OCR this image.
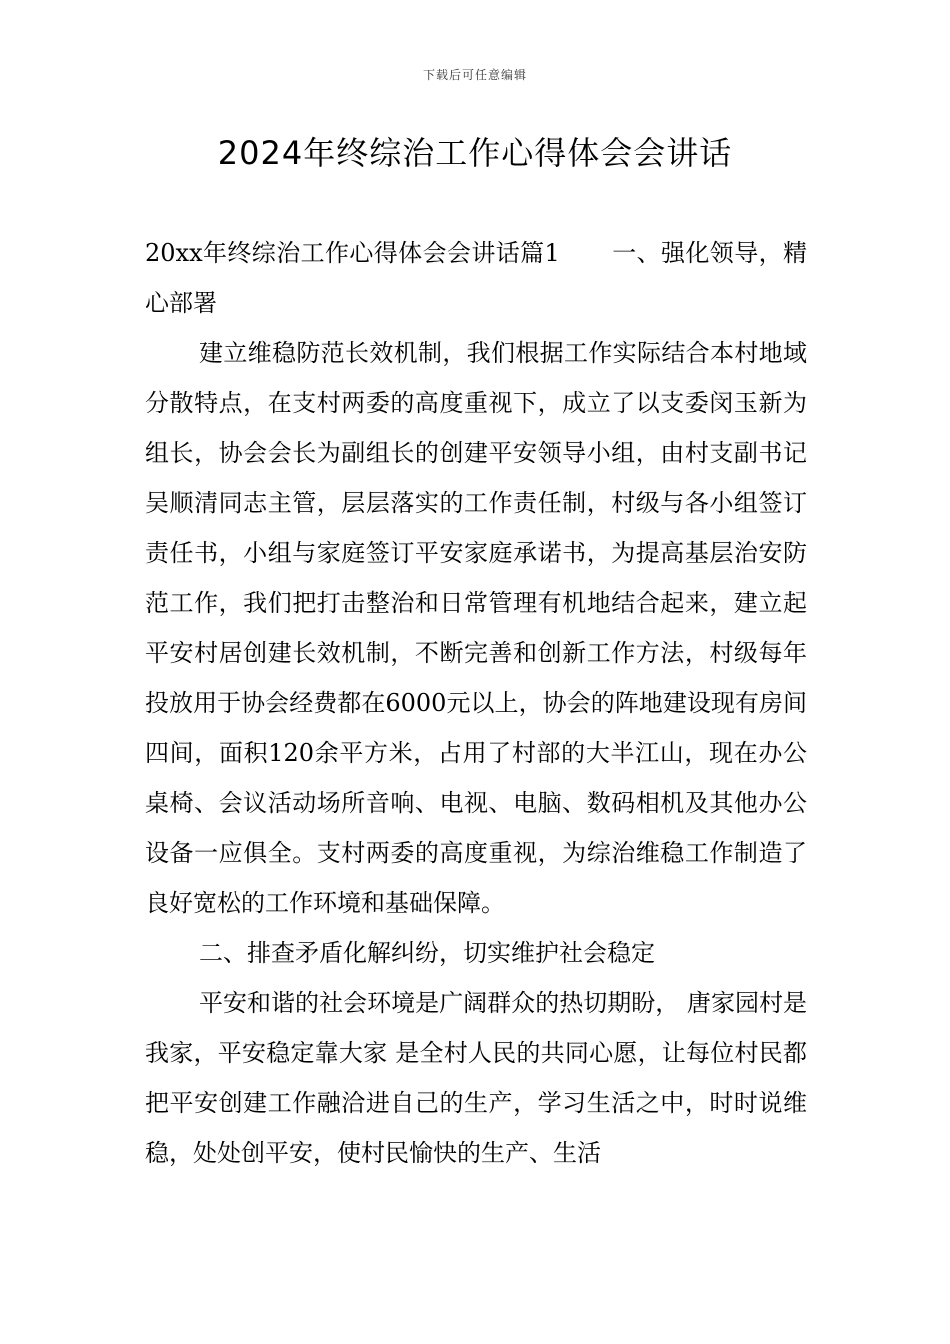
下载后可任意编辑
2024年终综治工作心得体会会讲话

20xx年终综治工作心得体会会讲话篇1 一、强化领导，精心部署

建立维稳防范长效机制，我们根据工作实际结合本村地域分散特点，在支村两委的高度重视下，成立了以支委闵玉新为组长，协会会长为副组长的创建平安领导小组，由村支副书记吴顺清同志主管，层层落实的工作责任制，村级与各小组签订责任书，小组与家庭签订平安家庭承诺书，为提高基层治安防范工作，我们把打击整治和日常管理有机地结合起来，建立起平安村居创建长效机制，不断完善和创新工作方法，村级每年投放用于协会经费都在6000元以上，协会的阵地建设现有房间四间，面积120余平方米，占用了村部的大半江山，现在办公桌椅、会议活动场所音响、电视、电脑、数码相机及其他办公设备一应俱全。支村两委的高度重视，为综治维稳工作制造了良好宽松的工作环境和基础保障。

二、排查矛盾化解纠纷，切实维护社会稳定

平安和谐的社会环境是广阔群众的热切期盼， 唐家园村是我家，平安稳定靠大家 是全村人民的共同心愿，让每位村民都把平安创建工作融洽进自己的生产，学习生活之中，时时说维稳，处处创平安，使村民愉快的生产、生活
